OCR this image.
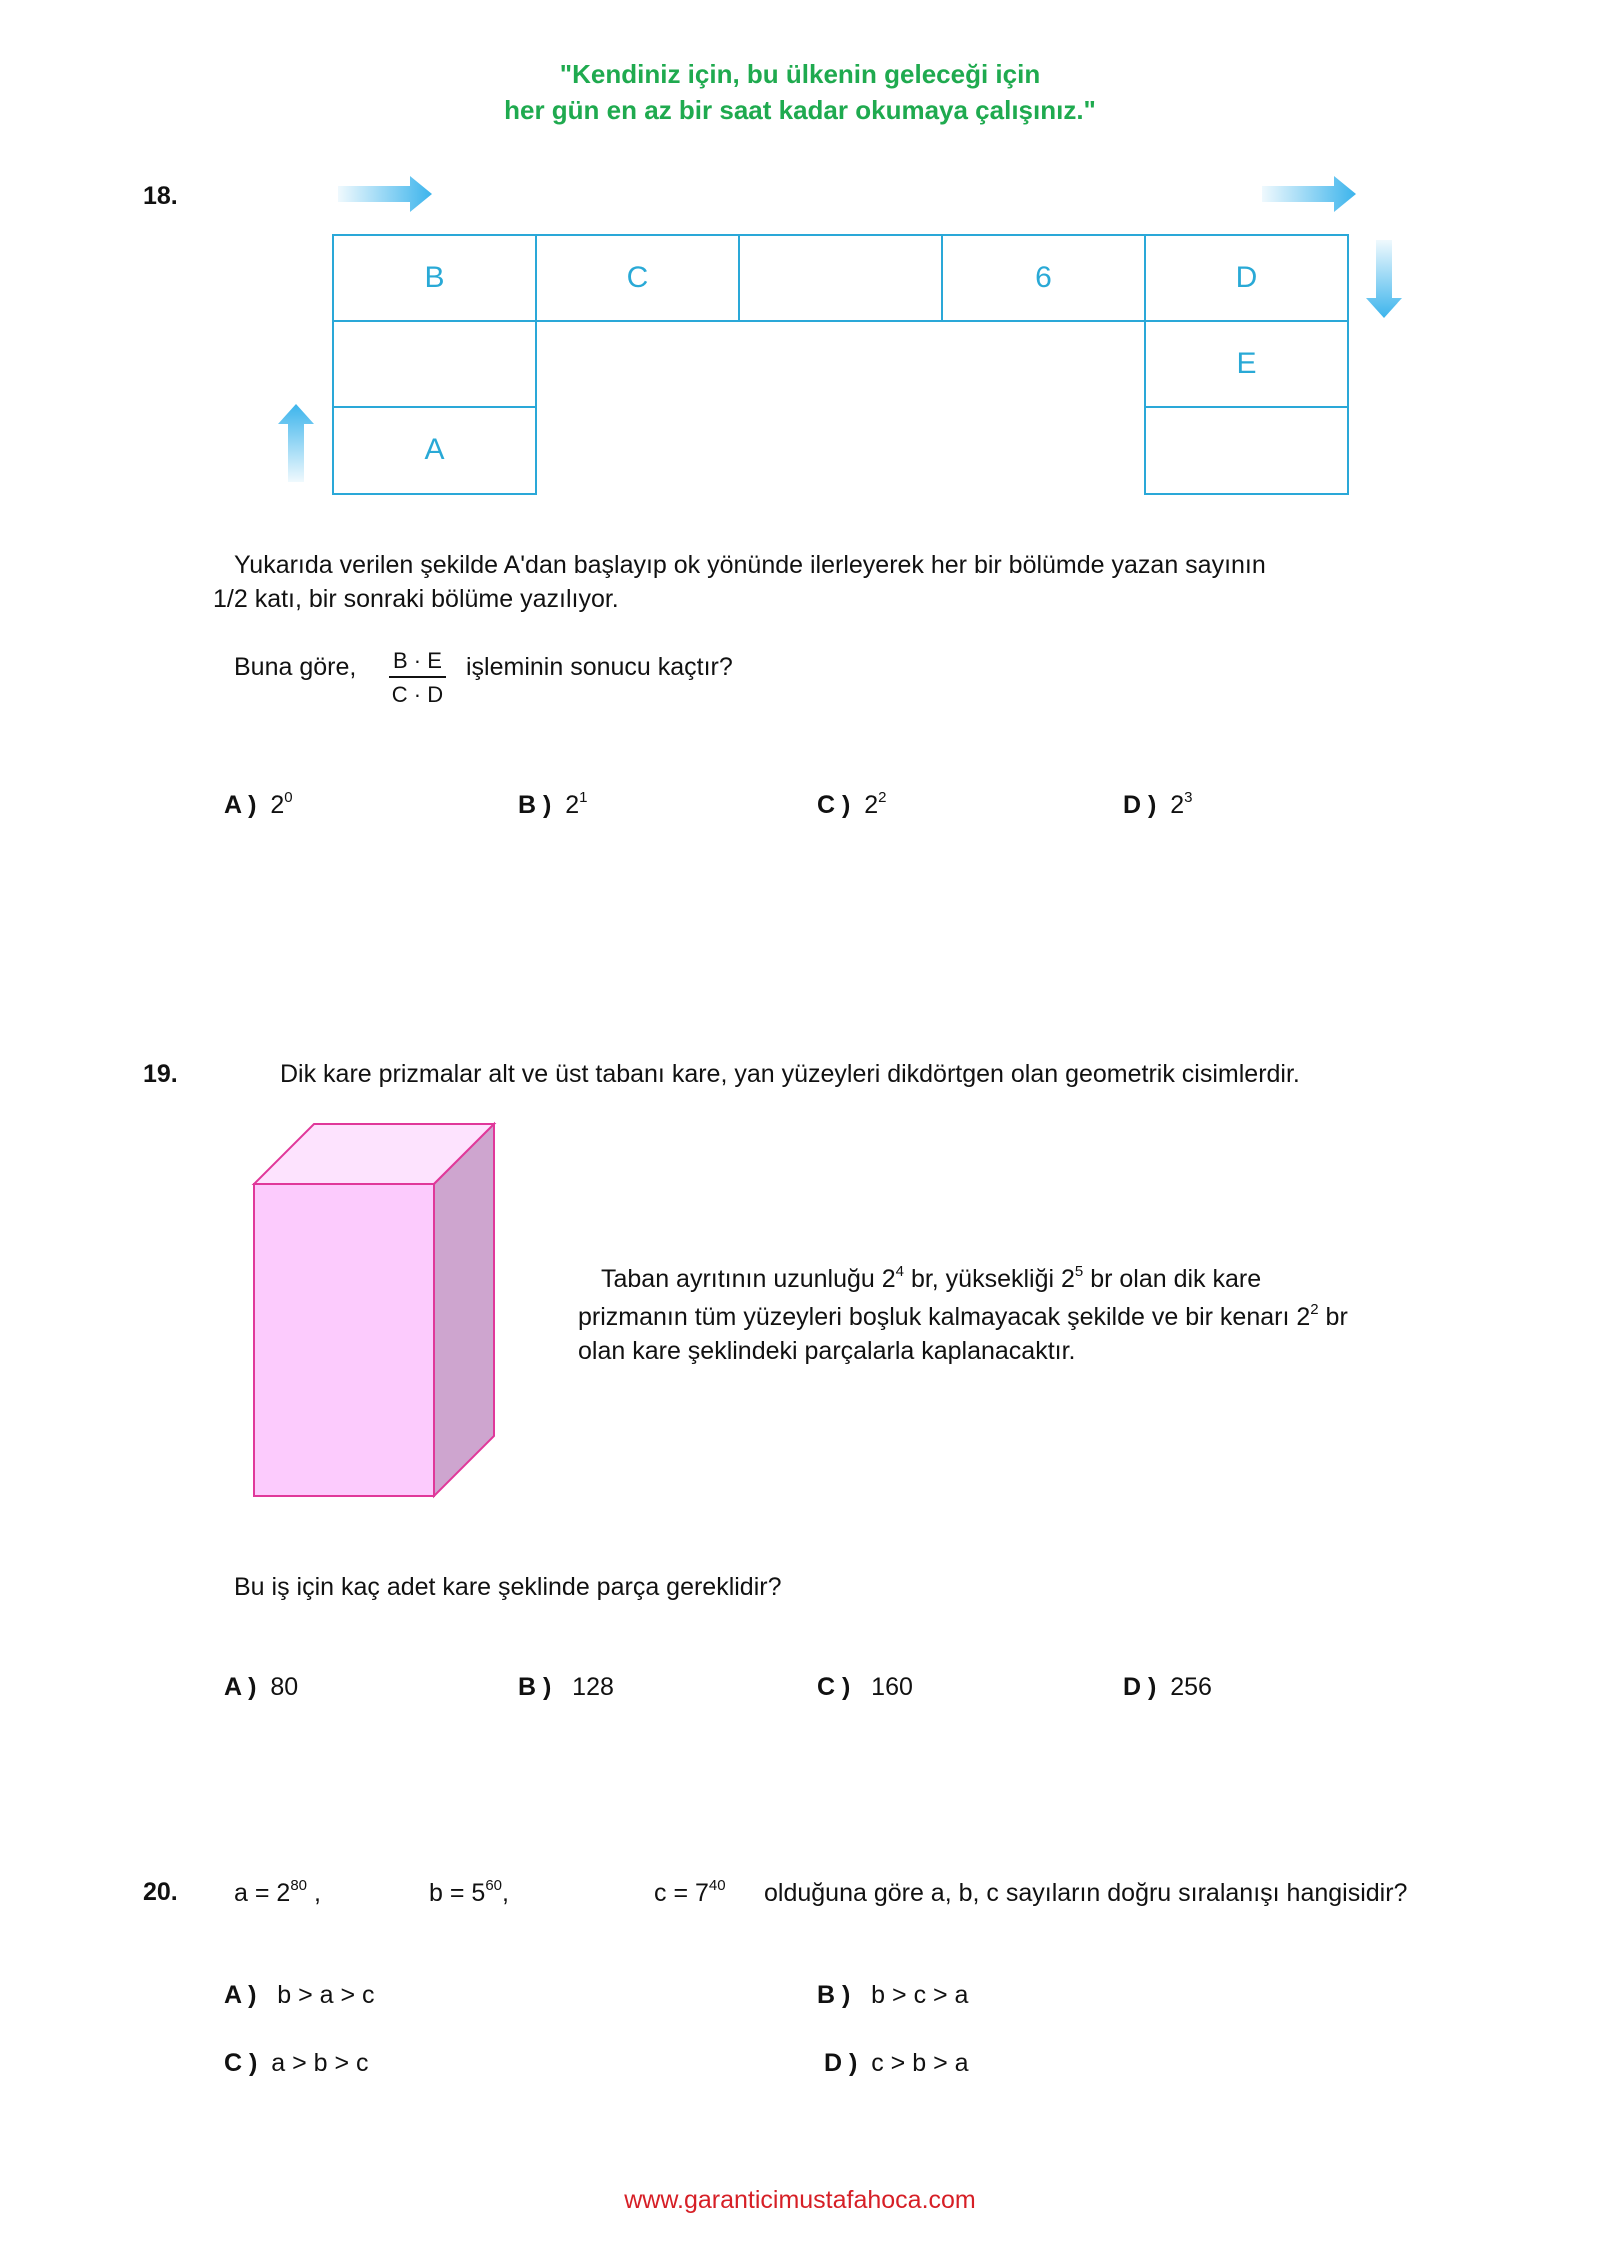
"Kendiniz için, bu ülkenin geleceği için
her gün en az bir saat kadar okumaya çalışınız."
18.
B	C	6	D
E
A
Yukarıda verilen şekilde A'dan başlayıp ok yönünde ilerleyerek her bir bölümde yazan sayının
1/2 katı, bir sonraki bölüme yazılıyor.
Buna göre, $\frac{B \cdot E}{C \cdot D}$ işleminin sonucu kaçtır?
A ) $2^0$	B ) $2^1$	C ) $2^2$	D ) $2^3$
19.	Dik kare prizmalar alt ve üst tabanı kare, yan yüzeyleri dikdörtgen olan geometrik cisimlerdir.
Taban ayrıtının uzunluğu $2^4$ br, yüksekliği $2^5$ br olan dik kare
prizmanın tüm yüzeyleri boşluk kalmayacak şekilde ve bir kenarı $2^2$ br
olan kare şeklindeki parçalarla kaplanacaktır.
Bu iş için kaç adet kare şeklinde parça gereklidir?
A ) 80	B ) 128	C ) 160	D ) 256
20. $a = 2^{80}$ ,	$b = 5^{60}$,	$c = 7^{40}$ olduğuna göre a, b, c sayıların doğru sıralanışı hangisidir?
A ) b > a > c	B ) b > c > a
C ) a > b > c	D ) c > b > a
www.garanticimustafahoca.com
